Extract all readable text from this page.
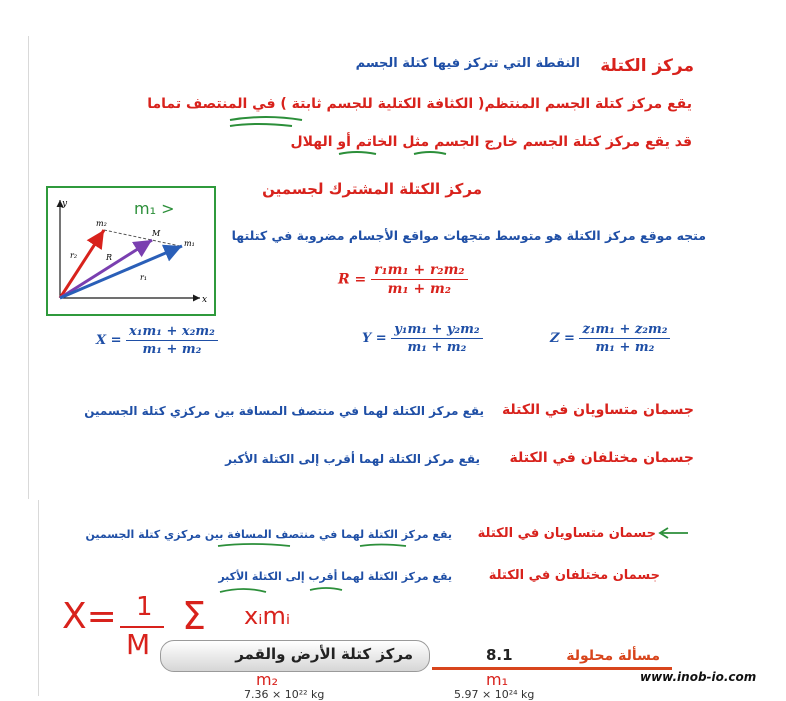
مركز الكتلة
النقطة التي تتركز فيها كتلة الجسم
يقع مركز كتلة الجسم المنتظم( الكثافة الكتلية للجسم ثابتة ) في المنتصف تماما
قد يقع مركز كتلة الجسم خارج الجسم مثل الخاتم أو الهلال
مركز الكتلة المشترك لجسمين
متجه موقع مركز الكتلة هو متوسط متجهات مواقع الأجسام مضروبة في كتلتها
y
x
m₂
m₁
M
r₂	R
r₁
m₁ >
$R = \frac{\text{r₁m₁ + r₂m₂}}{\text{m₁ + m₂}}$
$X = \frac{\text{x₁m₁ + x₂m₂}}{\text{m₁ + m₂}}$	$Y = \frac{\text{y₁m₁ + y₂m₂}}{\text{m₁ + m₂}}$	$Z = \frac{\text{z₁m₁ + z₂m₂}}{\text{m₁ + m₂}}$
جسمان متساويان في الكتلة
يقع مركز الكتلة لهما في منتصف المسافة بين مركزي كتلة الجسمين
جسمان مختلفان في الكتلة
يقع مركز الكتلة لهما أقرب إلى الكتلة الأكبر
جسمان متساويان في الكتلة
يقع مركز الكتلة لهما في منتصف المسافة بين مركزي كتلة الجسمين
جسمان مختلفان في الكتلة
يقع مركز الكتلة لهما أقرب إلى الكتلة الأكبر
X= 1
M
Σ xᵢmᵢ
مركز كتلة الأرض والقمر	8.1	مسألة محلولة
m₂	m₁
7.36 × 10²² kg	5.97 × 10²⁴ kg
www.inob-io.com
